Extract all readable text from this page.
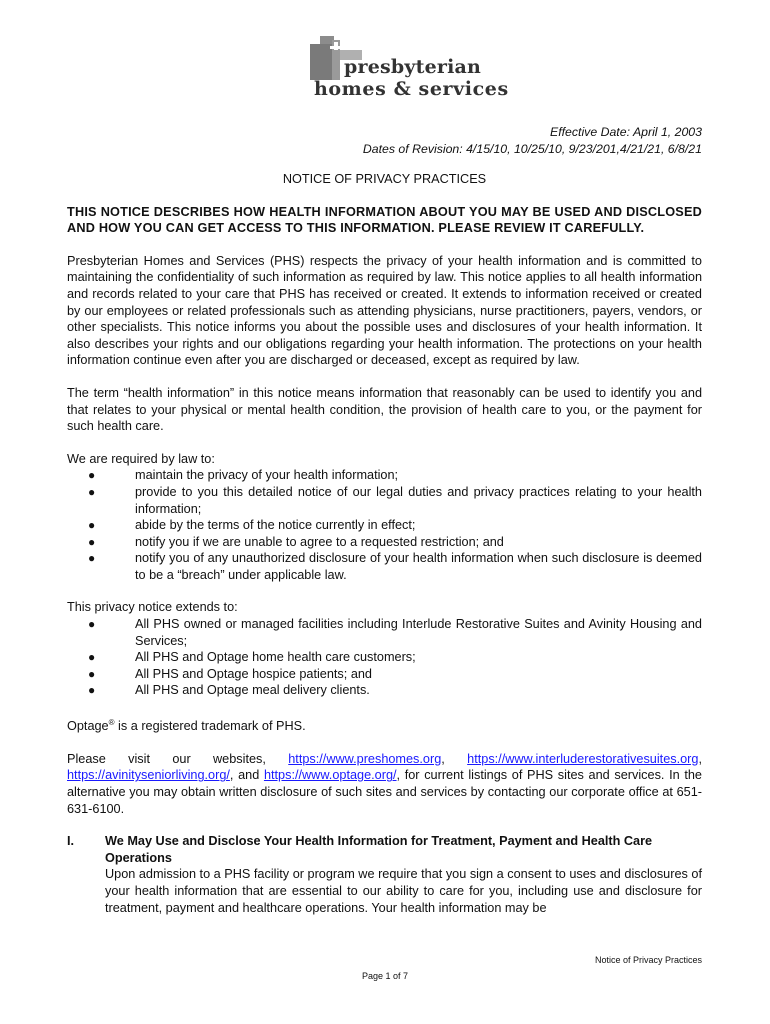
presbyterian
homes & services
Effective Date: April 1, 2003
Dates of Revision: 4/15/10, 10/25/10, 9/23/201,4/21/21, 6/8/21
NOTICE OF PRIVACY PRACTICES
THIS NOTICE DESCRIBES HOW HEALTH INFORMATION ABOUT YOU MAY BE USED AND DISCLOSED AND HOW YOU CAN GET ACCESS TO THIS INFORMATION. PLEASE REVIEW IT CAREFULLY.

Presbyterian Homes and Services (PHS) respects the privacy of your health information and is committed to maintaining the confidentiality of such information as required by law. This notice applies to all health information and records related to your care that PHS has received or created. It extends to information received or created by our employees or related professionals such as attending physicians, nurse practitioners, payers, vendors, or other specialists. This notice informs you about the possible uses and disclosures of your health information. It also describes your rights and our obligations regarding your health information. The protections on your health information continue even after you are discharged or deceased, except as required by law.

The term “health information” in this notice means information that reasonably can be used to identify you and that relates to your physical or mental health condition, the provision of health care to you, or the payment for such health care.

We are required by law to:

●	maintain the privacy of your health information;
●	provide to you this detailed notice of our legal duties and privacy practices relating to your health information;
●	abide by the terms of the notice currently in effect;
●	notify you if we are unable to agree to a requested restriction; and
●	notify you of any unauthorized disclosure of your health information when such disclosure is deemed to be a “breach” under applicable law.

This privacy notice extends to:

●	All PHS owned or managed facilities including Interlude Restorative Suites and Avinity Housing and Services;
●	All PHS and Optage home health care customers;
●	All PHS and Optage hospice patients; and
●	All PHS and Optage meal delivery clients.

Optage® is a registered trademark of PHS.

Please visit our websites, https://www.preshomes.org, https://www.interluderestorativesuites.org, https://avinityseniorliving.org/, and https://www.optage.org/, for current listings of PHS sites and services. In the alternative you may obtain written disclosure of such sites and services by contacting our corporate office at 651-631-6100.

I. We May Use and Disclose Your Health Information for Treatment, Payment and Health Care Operations
Upon admission to a PHS facility or program we require that you sign a consent to uses and disclosures of your health information that are essential to our ability to care for you, including use and disclosure for treatment, payment and healthcare operations. Your health information may be
Notice of Privacy Practices
Page 1 of 7
